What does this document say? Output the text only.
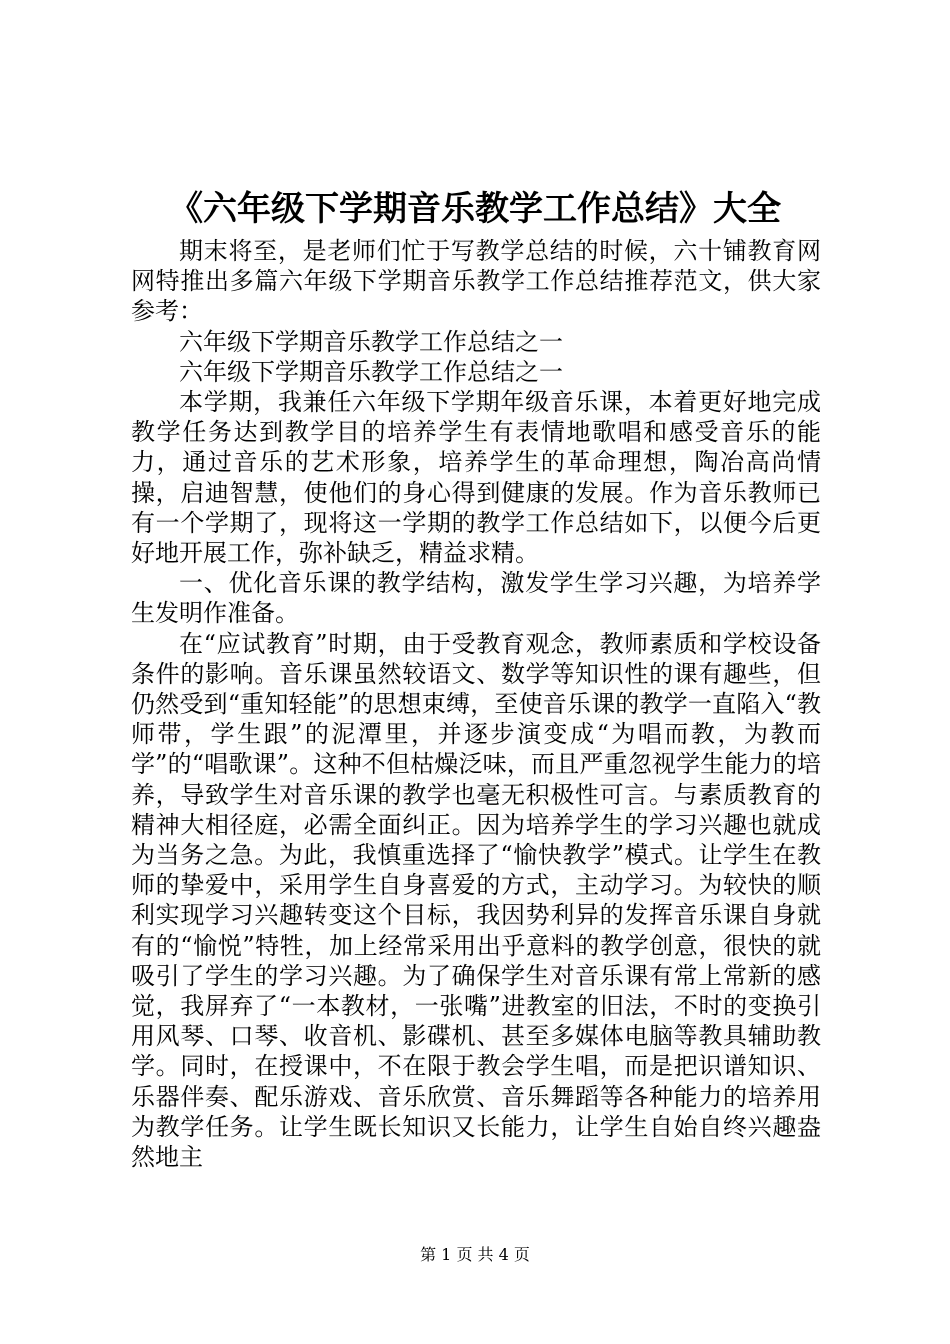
《六年级下学期音乐教学工作总结》大全

期末将至，是老师们忙于写教学总结的时候，六十铺教育网网特推出多篇六年级下学期音乐教学工作总结推荐范文，供大家参考：

六年级下学期音乐教学工作总结之一

六年级下学期音乐教学工作总结之一

本学期，我兼任六年级下学期年级音乐课，本着更好地完成教学任务达到教学目的培养学生有表情地歌唱和感受音乐的能力，通过音乐的艺术形象，培养学生的革命理想，陶冶高尚情操，启迪智慧，使他们的身心得到健康的发展。作为音乐教师已有一个学期了，现将这一学期的教学工作总结如下，以便今后更好地开展工作，弥补缺乏，精益求精。

一、优化音乐课的教学结构，激发学生学习兴趣，为培养学生发明作准备。

在“应试教育”时期，由于受教育观念，教师素质和学校设备条件的影响。音乐课虽然较语文、数学等知识性的课有趣些，但仍然受到“重知轻能”的思想束缚，至使音乐课的教学一直陷入“教师带，学生跟”的泥潭里，并逐步演变成“为唱而教，为教而学”的“唱歌课”。这种不但枯燥泛味，而且严重忽视学生能力的培养，导致学生对音乐课的教学也毫无积极性可言。与素质教育的精神大相径庭，必需全面纠正。因为培养学生的学习兴趣也就成为当务之急。为此，我慎重选择了“愉快教学”模式。让学生在教师的挚爱中，采用学生自身喜爱的方式，主动学习。为较快的顺利实现学习兴趣转变这个目标，我因势利异的发挥音乐课自身就有的“愉悦”特牲，加上经常采用出乎意料的教学创意，很快的就吸引了学生的学习兴趣。为了确保学生对音乐课有常上常新的感觉，我屏弃了“一本教材，一张嘴”进教室的旧法，不时的变换引用风琴、口琴、收音机、影碟机、甚至多媒体电脑等教具辅助教学。同时，在授课中，不在限于教会学生唱，而是把识谱知识、乐器伴奏、配乐游戏、音乐欣赏、音乐舞蹈等各种能力的培养用为教学任务。让学生既长知识又长能力，让学生自始自终兴趣盎然地主

第 1 页 共 4 页
